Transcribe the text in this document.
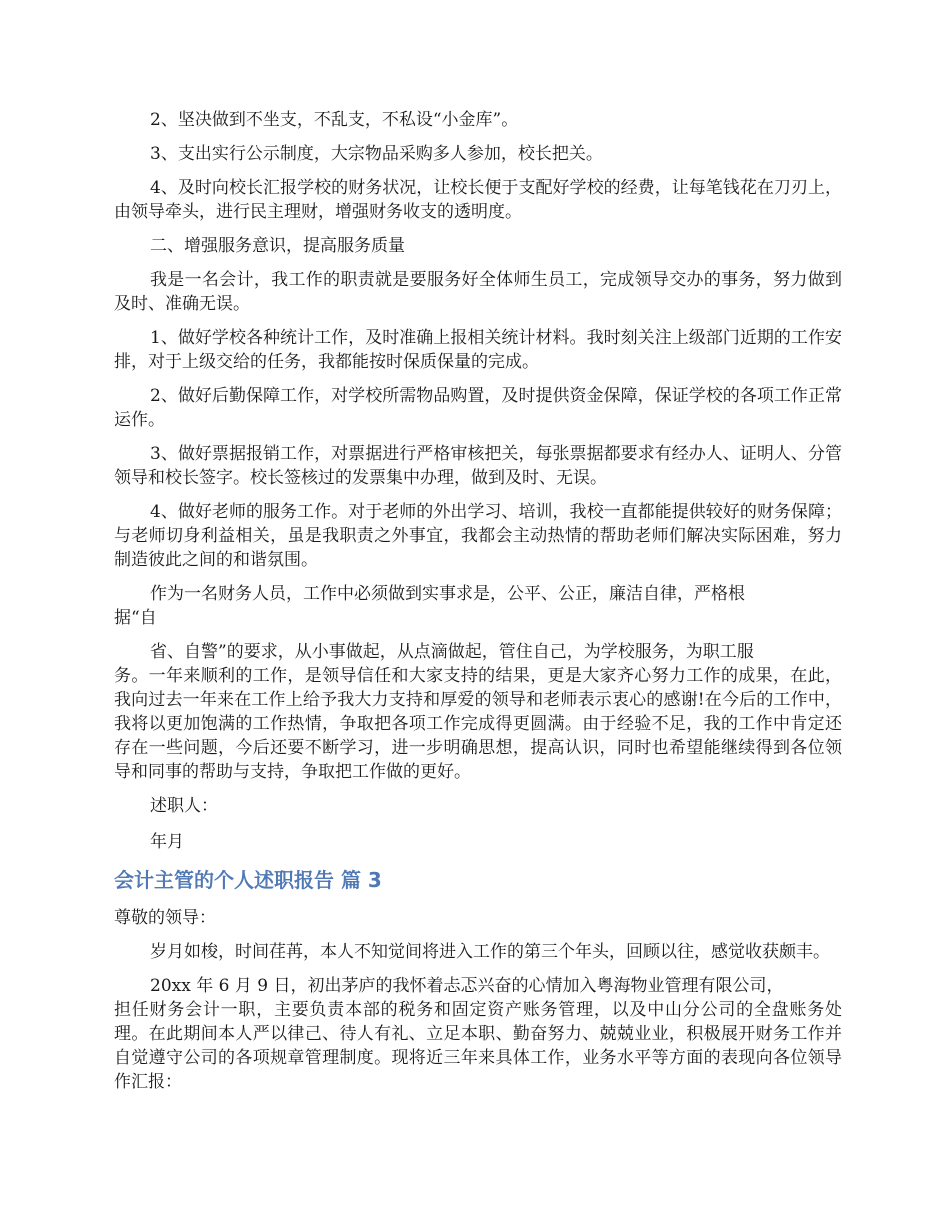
2、坚决做到不坐支，不乱支，不私设“小金库”。

3、支出实行公示制度，大宗物品采购多人参加，校长把关。

4、及时向校长汇报学校的财务状况，让校长便于支配好学校的经费，让每笔钱花在刀刃上，由领导牵头，进行民主理财，增强财务收支的透明度。

二、增强服务意识，提高服务质量

我是一名会计，我工作的职责就是要服务好全体师生员工，完成领导交办的事务，努力做到及时、准确无误。

1、做好学校各种统计工作，及时准确上报相关统计材料。我时刻关注上级部门近期的工作安排，对于上级交给的任务，我都能按时保质保量的完成。

2、做好后勤保障工作，对学校所需物品购置，及时提供资金保障，保证学校的各项工作正常运作。

3、做好票据报销工作，对票据进行严格审核把关，每张票据都要求有经办人、证明人、分管领导和校长签字。校长签核过的发票集中办理，做到及时、无误。

4、做好老师的服务工作。对于老师的外出学习、培训，我校一直都能提供较好的财务保障；与老师切身利益相关，虽是我职责之外事宜，我都会主动热情的帮助老师们解决实际困难，努力制造彼此之间的和谐氛围。

作为一名财务人员，工作中必须做到实事求是，公平、公正，廉洁自律，严格根

据“自

省、自警”的要求，从小事做起，从点滴做起，管住自己，为学校服务，为职工服

务。一年来顺利的工作，是领导信任和大家支持的结果，更是大家齐心努力工作的成果，在此，我向过去一年来在工作上给予我大力支持和厚爱的领导和老师表示衷心的感谢!在今后的工作中，我将以更加饱满的工作热情，争取把各项工作完成得更圆满。由于经验不足，我的工作中肯定还存在一些问题，今后还要不断学习，进一步明确思想，提高认识，同时也希望能继续得到各位领导和同事的帮助与支持，争取把工作做的更好。

述职人：

年月

会计主管的个人述职报告 篇 3

尊敬的领导：

岁月如梭，时间荏苒，本人不知觉间将进入工作的第三个年头，回顾以往，感觉收获颇丰。

20xx 年 6 月 9 日，初出茅庐的我怀着忐忑兴奋的心情加入粤海物业管理有限公司，

担任财务会计一职，主要负责本部的税务和固定资产账务管理，以及中山分公司的全盘账务处理。在此期间本人严以律己、待人有礼、立足本职、勤奋努力、兢兢业业，积极展开财务工作并自觉遵守公司的各项规章管理制度。现将近三年来具体工作，业务水平等方面的表现向各位领导作汇报：
